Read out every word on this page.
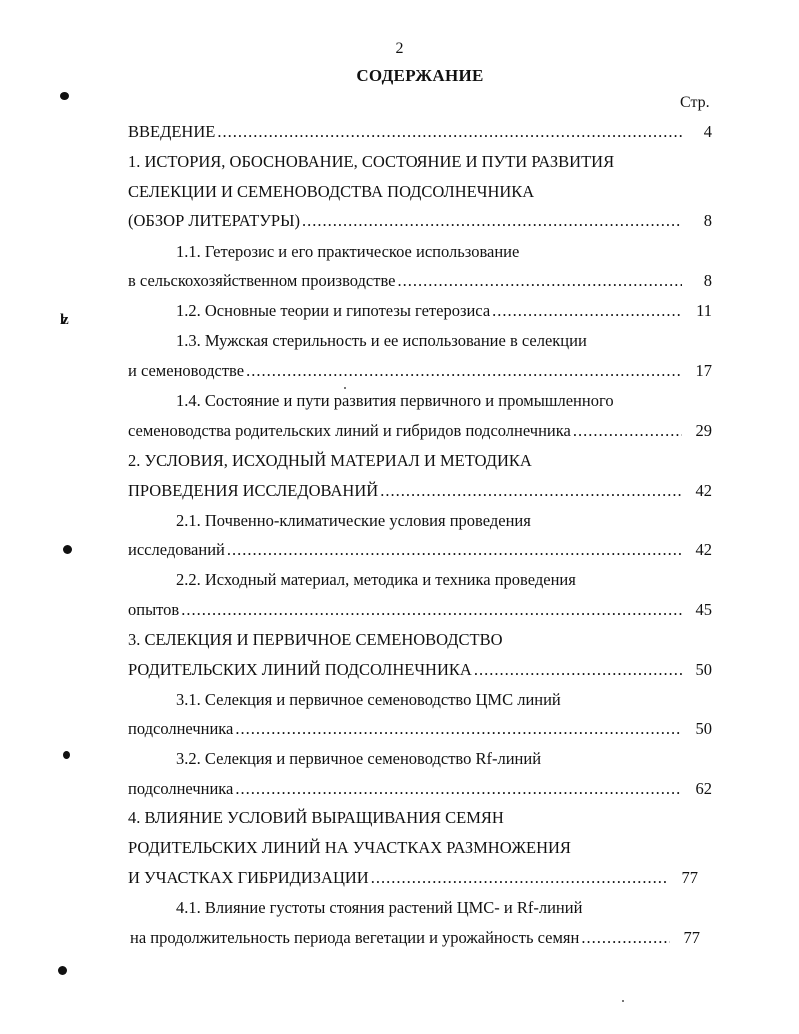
2
СОДЕРЖАНИЕ
Стр.
ВВЕДЕНИЕ .....	4
1. ИСТОРИЯ, ОБОСНОВАНИЕ, СОСТОЯНИЕ И ПУТИ РАЗВИТИЯ
СЕЛЕКЦИИ И СЕМЕНОВОДСТВА ПОДСОЛНЕЧНИКА
(ОБЗОР ЛИТЕРАТУРЫ) .....	8
1.1. Гетерозис и его практическое использование
в сельскохозяйственном производстве .....	8
1.2. Основные теории и гипотезы гетерозиса .....	11
1.3. Мужская стерильность и ее использование в селекции
и семеноводстве .....	17
1.4. Состояние и пути развития первичного и промышленного
семеноводства родительских линий и гибридов подсолнечника .....	29
2. УСЛОВИЯ, ИСХОДНЫЙ МАТЕРИАЛ И МЕТОДИКА
ПРОВЕДЕНИЯ ИССЛЕДОВАНИЙ .....	42
2.1. Почвенно-климатические условия проведения
исследований .....	42
2.2. Исходный материал, методика и техника проведения
опытов .....	45
3. СЕЛЕКЦИЯ И ПЕРВИЧНОЕ СЕМЕНОВОДСТВО
РОДИТЕЛЬСКИХ ЛИНИЙ ПОДСОЛНЕЧНИКА .....	50
3.1. Селекция и первичное семеноводство ЦМС линий
подсолнечника .....	50
3.2. Селекция и первичное семеноводство Rf-линий
подсолнечника .....	62
4. ВЛИЯНИЕ УСЛОВИЙ ВЫРАЩИВАНИЯ СЕМЯН
РОДИТЕЛЬСКИХ ЛИНИЙ НА УЧАСТКАХ РАЗМНОЖЕНИЯ
И УЧАСТКАХ ГИБРИДИЗАЦИИ .....	77
4.1. Влияние густоты стояния растений ЦМС- и Rf-линий
на продолжительность периода вегетации и урожайность семян .....	77
ʫ
